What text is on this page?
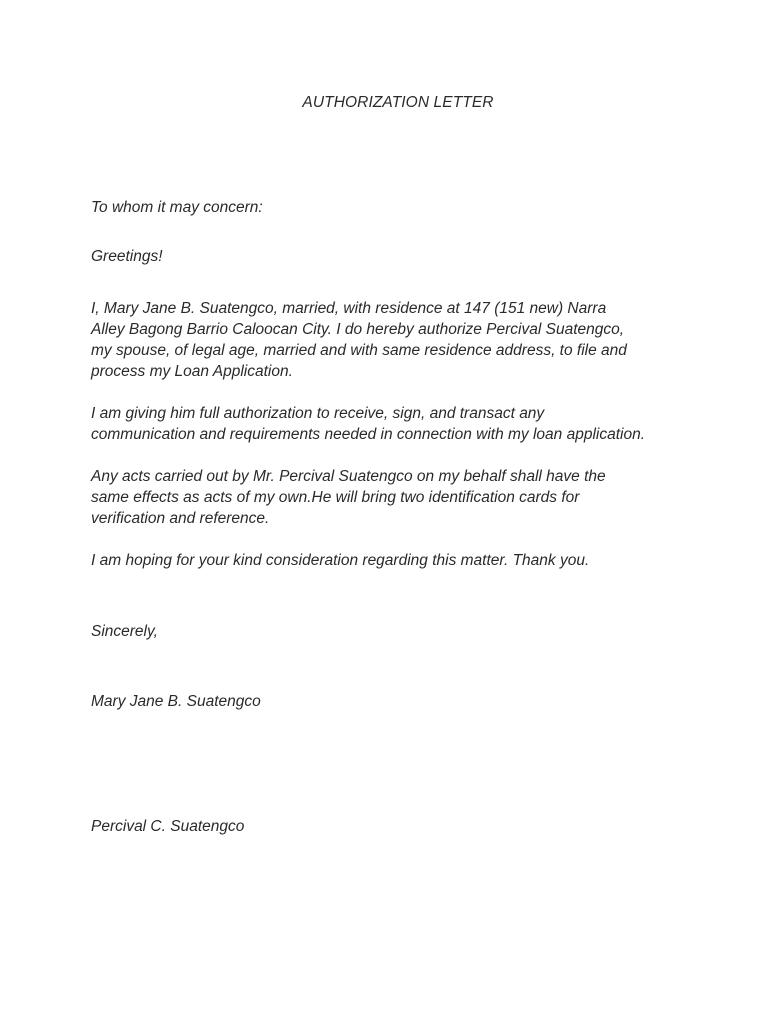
AUTHORIZATION LETTER
To whom it may concern:
Greetings!
I, Mary Jane B. Suatengco, married, with residence at 147 (151 new) Narra
Alley Bagong Barrio Caloocan City. I do hereby authorize Percival Suatengco,
my spouse, of legal age, married and with same residence address, to file and
process my Loan Application.
I am giving him full authorization to receive, sign, and transact any
communication and requirements needed in connection with my loan application.
Any acts carried out by Mr. Percival Suatengco on my behalf shall have the
same effects as acts of my own.He will bring two identification cards for
verification and reference.
I am hoping for your kind consideration regarding this matter. Thank you.
Sincerely,
Mary Jane B. Suatengco
Percival C. Suatengco
